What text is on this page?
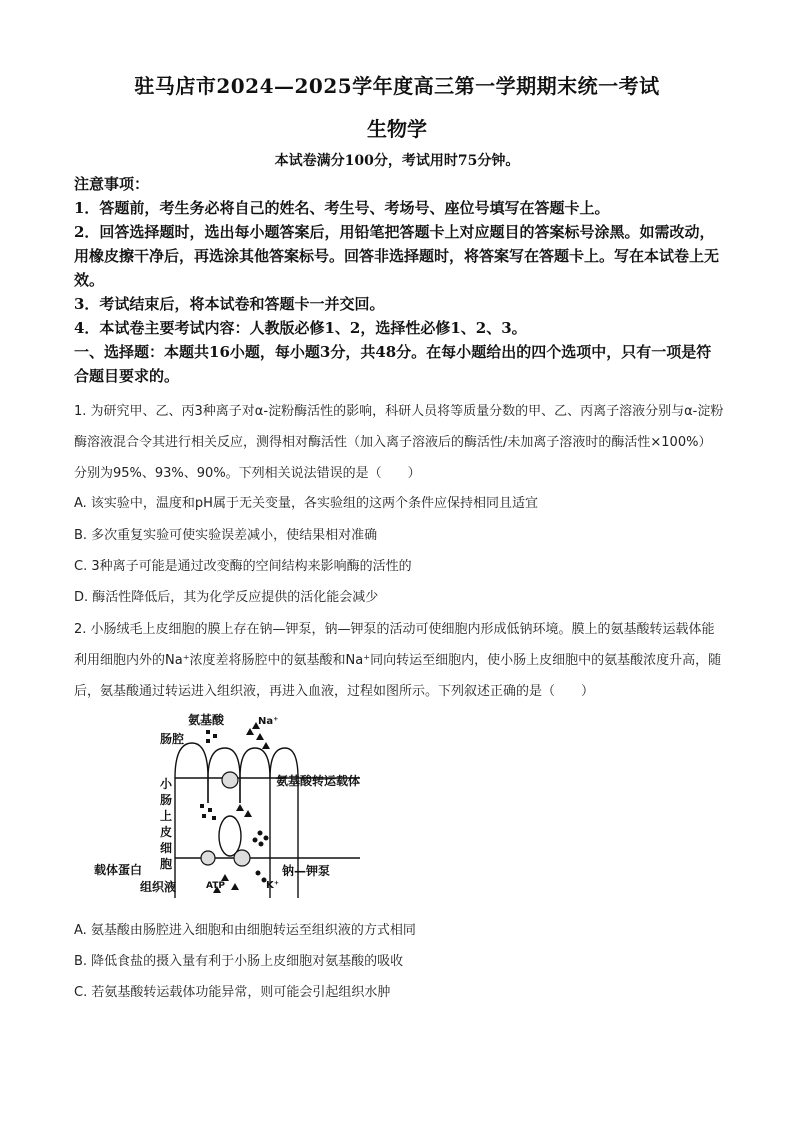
驻马店市2024—2025学年度高三第一学期期末统一考试
生物学
本试卷满分100分，考试用时75分钟。

注意事项：

1．答题前，考生务必将自己的姓名、考生号、考场号、座位号填写在答题卡上。

2．回答选择题时，选出每小题答案后，用铅笔把答题卡上对应题目的答案标号涂黑。如需改动，用橡皮擦干净后，再选涂其他答案标号。回答非选择题时，将答案写在答题卡上。写在本试卷上无效。

3．考试结束后，将本试卷和答题卡一并交回。

4．本试卷主要考试内容：人教版必修1、2，选择性必修1、2、3。

一、选择题：本题共16小题，每小题3分，共48分。在每小题给出的四个选项中，只有一项是符合题目要求的。

1. 为研究甲、乙、丙3种离子对α-淀粉酶活性的影响，科研人员将等质量分数的甲、乙、丙离子溶液分别与α-淀粉酶溶液混合令其进行相关反应，测得相对酶活性（加入离子溶液后的酶活性/未加离子溶液时的酶活性×100%）分别为95%、93%、90%。下列相关说法错误的是（　　）

A. 该实验中，温度和pH属于无关变量，各实验组的这两个条件应保持相同且适宜
B. 多次重复实验可使实验误差减小，使结果相对准确
C. 3种离子可能是通过改变酶的空间结构来影响酶的活性的
D. 酶活性降低后，其为化学反应提供的活化能会减少

2. 小肠绒毛上皮细胞的膜上存在钠—钾泵，钠—钾泵的活动可使细胞内形成低钠环境。膜上的氨基酸转运载体能利用细胞内外的Na⁺浓度差将肠腔中的氨基酸和Na⁺同向转运至细胞内，使小肠上皮细胞中的氨基酸浓度升高，随后，氨基酸通过转运进入组织液，再进入血液，过程如图所示。下列叙述正确的是（　　）

氨基酸	Na⁺
肠腔
氨基酸转运载体
小
肠
上
皮
细
胞
载体蛋白	钠—钾泵
组织液	ATP	K⁺
A. 氨基酸由肠腔进入细胞和由细胞转运至组织液的方式相同
B. 降低食盐的摄入量有利于小肠上皮细胞对氨基酸的吸收
C. 若氨基酸转运载体功能异常，则可能会引起组织水肿
